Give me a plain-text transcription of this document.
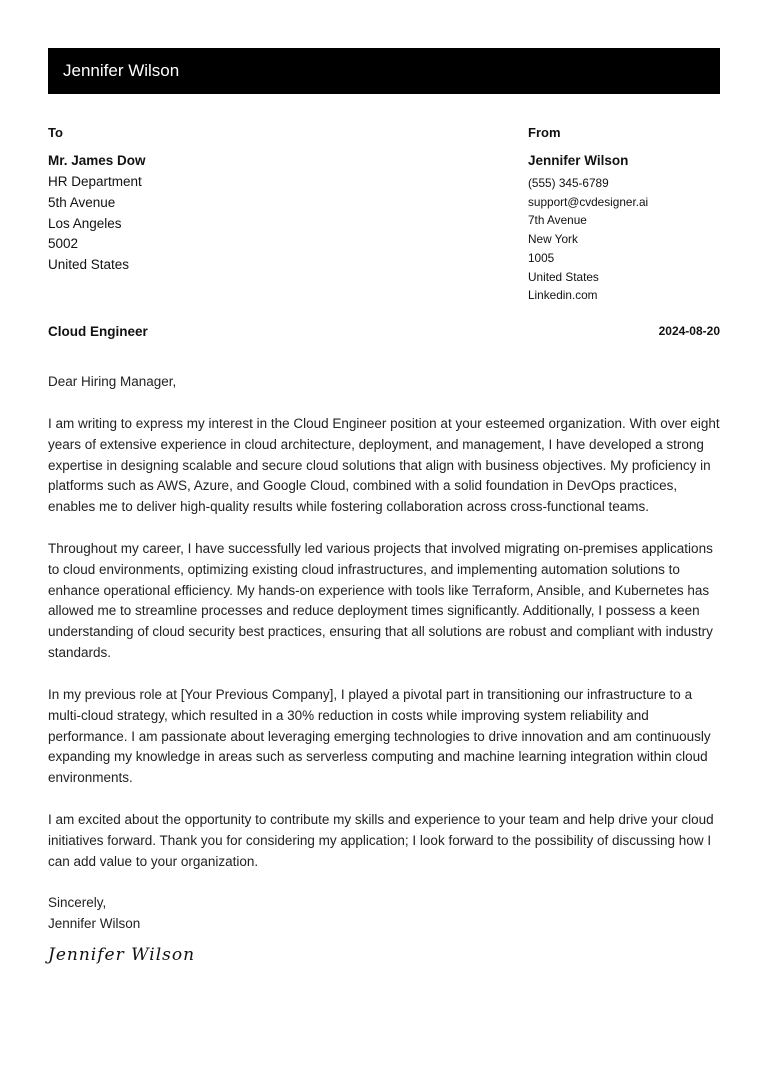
Jennifer Wilson
To
Mr. James Dow
HR Department
5th Avenue
Los Angeles
5002
United States
From
Jennifer Wilson
(555) 345-6789
support@cvdesigner.ai
7th Avenue
New York
1005
United States
Linkedin.com
Cloud Engineer	2024-08-20

Dear Hiring Manager,

I am writing to express my interest in the Cloud Engineer position at your esteemed organization. With over eight years of extensive experience in cloud architecture, deployment, and management, I have developed a strong expertise in designing scalable and secure cloud solutions that align with business objectives. My proficiency in platforms such as AWS, Azure, and Google Cloud, combined with a solid foundation in DevOps practices, enables me to deliver high-quality results while fostering collaboration across cross-functional teams.

Throughout my career, I have successfully led various projects that involved migrating on-premises applications to cloud environments, optimizing existing cloud infrastructures, and implementing automation solutions to enhance operational efficiency. My hands-on experience with tools like Terraform, Ansible, and Kubernetes has allowed me to streamline processes and reduce deployment times significantly. Additionally, I possess a keen understanding of cloud security best practices, ensuring that all solutions are robust and compliant with industry standards.

In my previous role at [Your Previous Company], I played a pivotal part in transitioning our infrastructure to a multi-cloud strategy, which resulted in a 30% reduction in costs while improving system reliability and performance. I am passionate about leveraging emerging technologies to drive innovation and am continuously expanding my knowledge in areas such as serverless computing and machine learning integration within cloud environments.

I am excited about the opportunity to contribute my skills and experience to your team and help drive your cloud initiatives forward. Thank you for considering my application; I look forward to the possibility of discussing how I can add value to your organization.

Sincerely,

Jennifer Wilson

Jennifer Wilson
